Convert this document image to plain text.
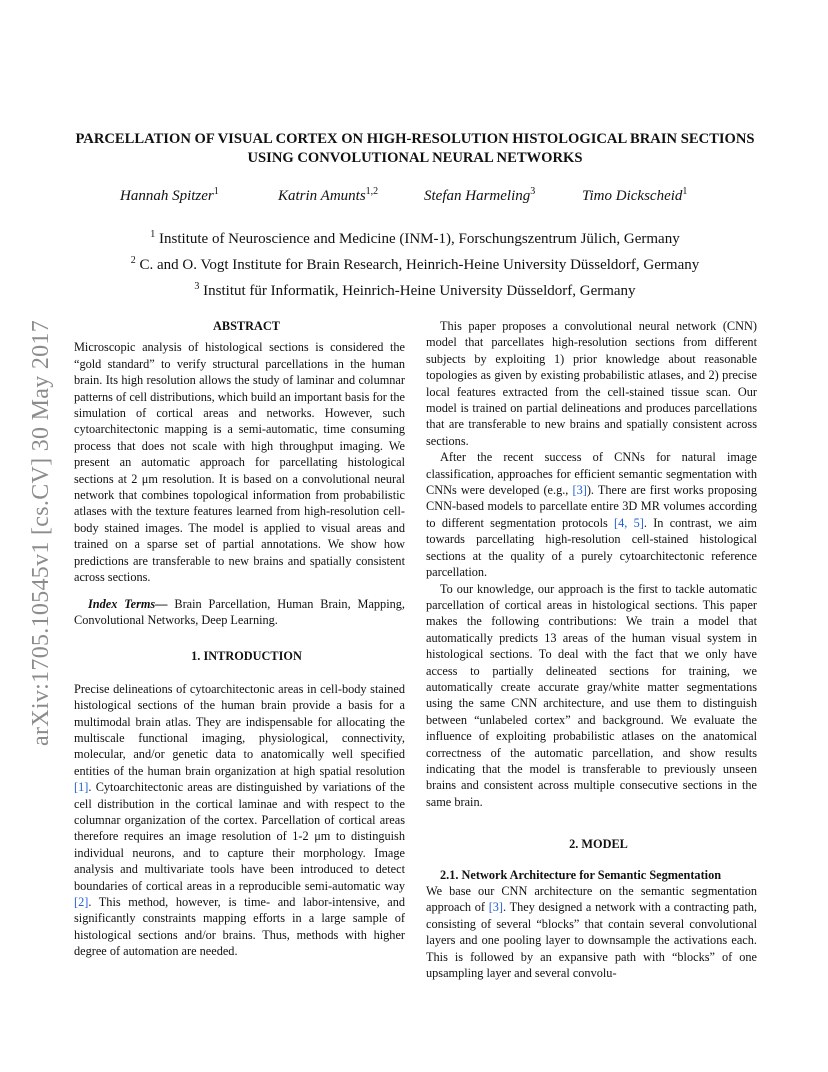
arXiv:1705.10545v1 [cs.CV] 30 May 2017
PARCELLATION OF VISUAL CORTEX ON HIGH-RESOLUTION HISTOLOGICAL BRAIN SECTIONS USING CONVOLUTIONAL NEURAL NETWORKS
Hannah Spitzer$^1$	Katrin Amunts$^{1,2}$	Stefan Harmeling$^3$	Timo Dickscheid$^1$
$^1$ Institute of Neuroscience and Medicine (INM-1), Forschungszentrum Jülich, Germany
$^2$ C. and O. Vogt Institute for Brain Research, Heinrich-Heine University Düsseldorf, Germany
$^3$ Institut für Informatik, Heinrich-Heine University Düsseldorf, Germany

ABSTRACT

Microscopic analysis of histological sections is considered the “gold standard” to verify structural parcellations in the human brain. Its high resolution allows the study of laminar and columnar patterns of cell distributions, which build an important basis for the simulation of cortical areas and networks. However, such cytoarchitectonic mapping is a semi-automatic, time consuming process that does not scale with high throughput imaging. We present an automatic approach for parcellating histological sections at 2 μm resolution. It is based on a convolutional neural network that combines topological information from probabilistic atlases with the texture features learned from high-resolution cell-body stained images. The model is applied to visual areas and trained on a sparse set of partial annotations. We show how predictions are transferable to new brains and spatially consistent across sections.

Index Terms— Brain Parcellation, Human Brain, Mapping, Convolutional Networks, Deep Learning.

1. INTRODUCTION

Precise delineations of cytoarchitectonic areas in cell-body stained histological sections of the human brain provide a basis for a multimodal brain atlas. They are indispensable for allocating the multiscale functional imaging, physiological, connectivity, molecular, and/or genetic data to anatomically well specified entities of the human brain organization at high spatial resolution [1]. Cytoarchitectonic areas are distinguished by variations of the cell distribution in the cortical laminae and with respect to the columnar organization of the cortex. Parcellation of cortical areas therefore requires an image resolution of 1-2 μm to distinguish individual neurons, and to capture their morphology. Image analysis and multivariate tools have been introduced to detect boundaries of cortical areas in a reproducible semi-automatic way [2]. This method, however, is time- and labor-intensive, and significantly constraints mapping efforts in a large sample of histological sections and/or brains. Thus, methods with higher degree of automation are needed.

This paper proposes a convolutional neural network (CNN) model that parcellates high-resolution sections from different subjects by exploiting 1) prior knowledge about reasonable topologies as given by existing probabilistic atlases, and 2) precise local features extracted from the cell-stained tissue scan. Our model is trained on partial delineations and produces parcellations that are transferable to new brains and spatially consistent across sections.

After the recent success of CNNs for natural image classification, approaches for efficient semantic segmentation with CNNs were developed (e.g., [3]). There are first works proposing CNN-based models to parcellate entire 3D MR volumes according to different segmentation protocols [4, 5]. In contrast, we aim towards parcellating high-resolution cell-stained histological sections at the quality of a purely cytoarchitectonic reference parcellation.

To our knowledge, our approach is the first to tackle automatic parcellation of cortical areas in histological sections. This paper makes the following contributions: We train a model that automatically predicts 13 areas of the human visual system in histological sections. To deal with the fact that we only have access to partially delineated sections for training, we automatically create accurate gray/white matter segmentations using the same CNN architecture, and use them to distinguish between “unlabeled cortex” and background. We evaluate the influence of exploiting probabilistic atlases on the anatomical correctness of the automatic parcellation, and show results indicating that the model is transferable to previously unseen brains and consistent across multiple consecutive sections in the same brain.

2. MODEL

2.1. Network Architecture for Semantic Segmentation

We base our CNN architecture on the semantic segmentation approach of [3]. They designed a network with a contracting path, consisting of several “blocks” that contain several convolutional layers and one pooling layer to downsample the activations each. This is followed by an expansive path with “blocks” of one upsampling layer and several convolu-
